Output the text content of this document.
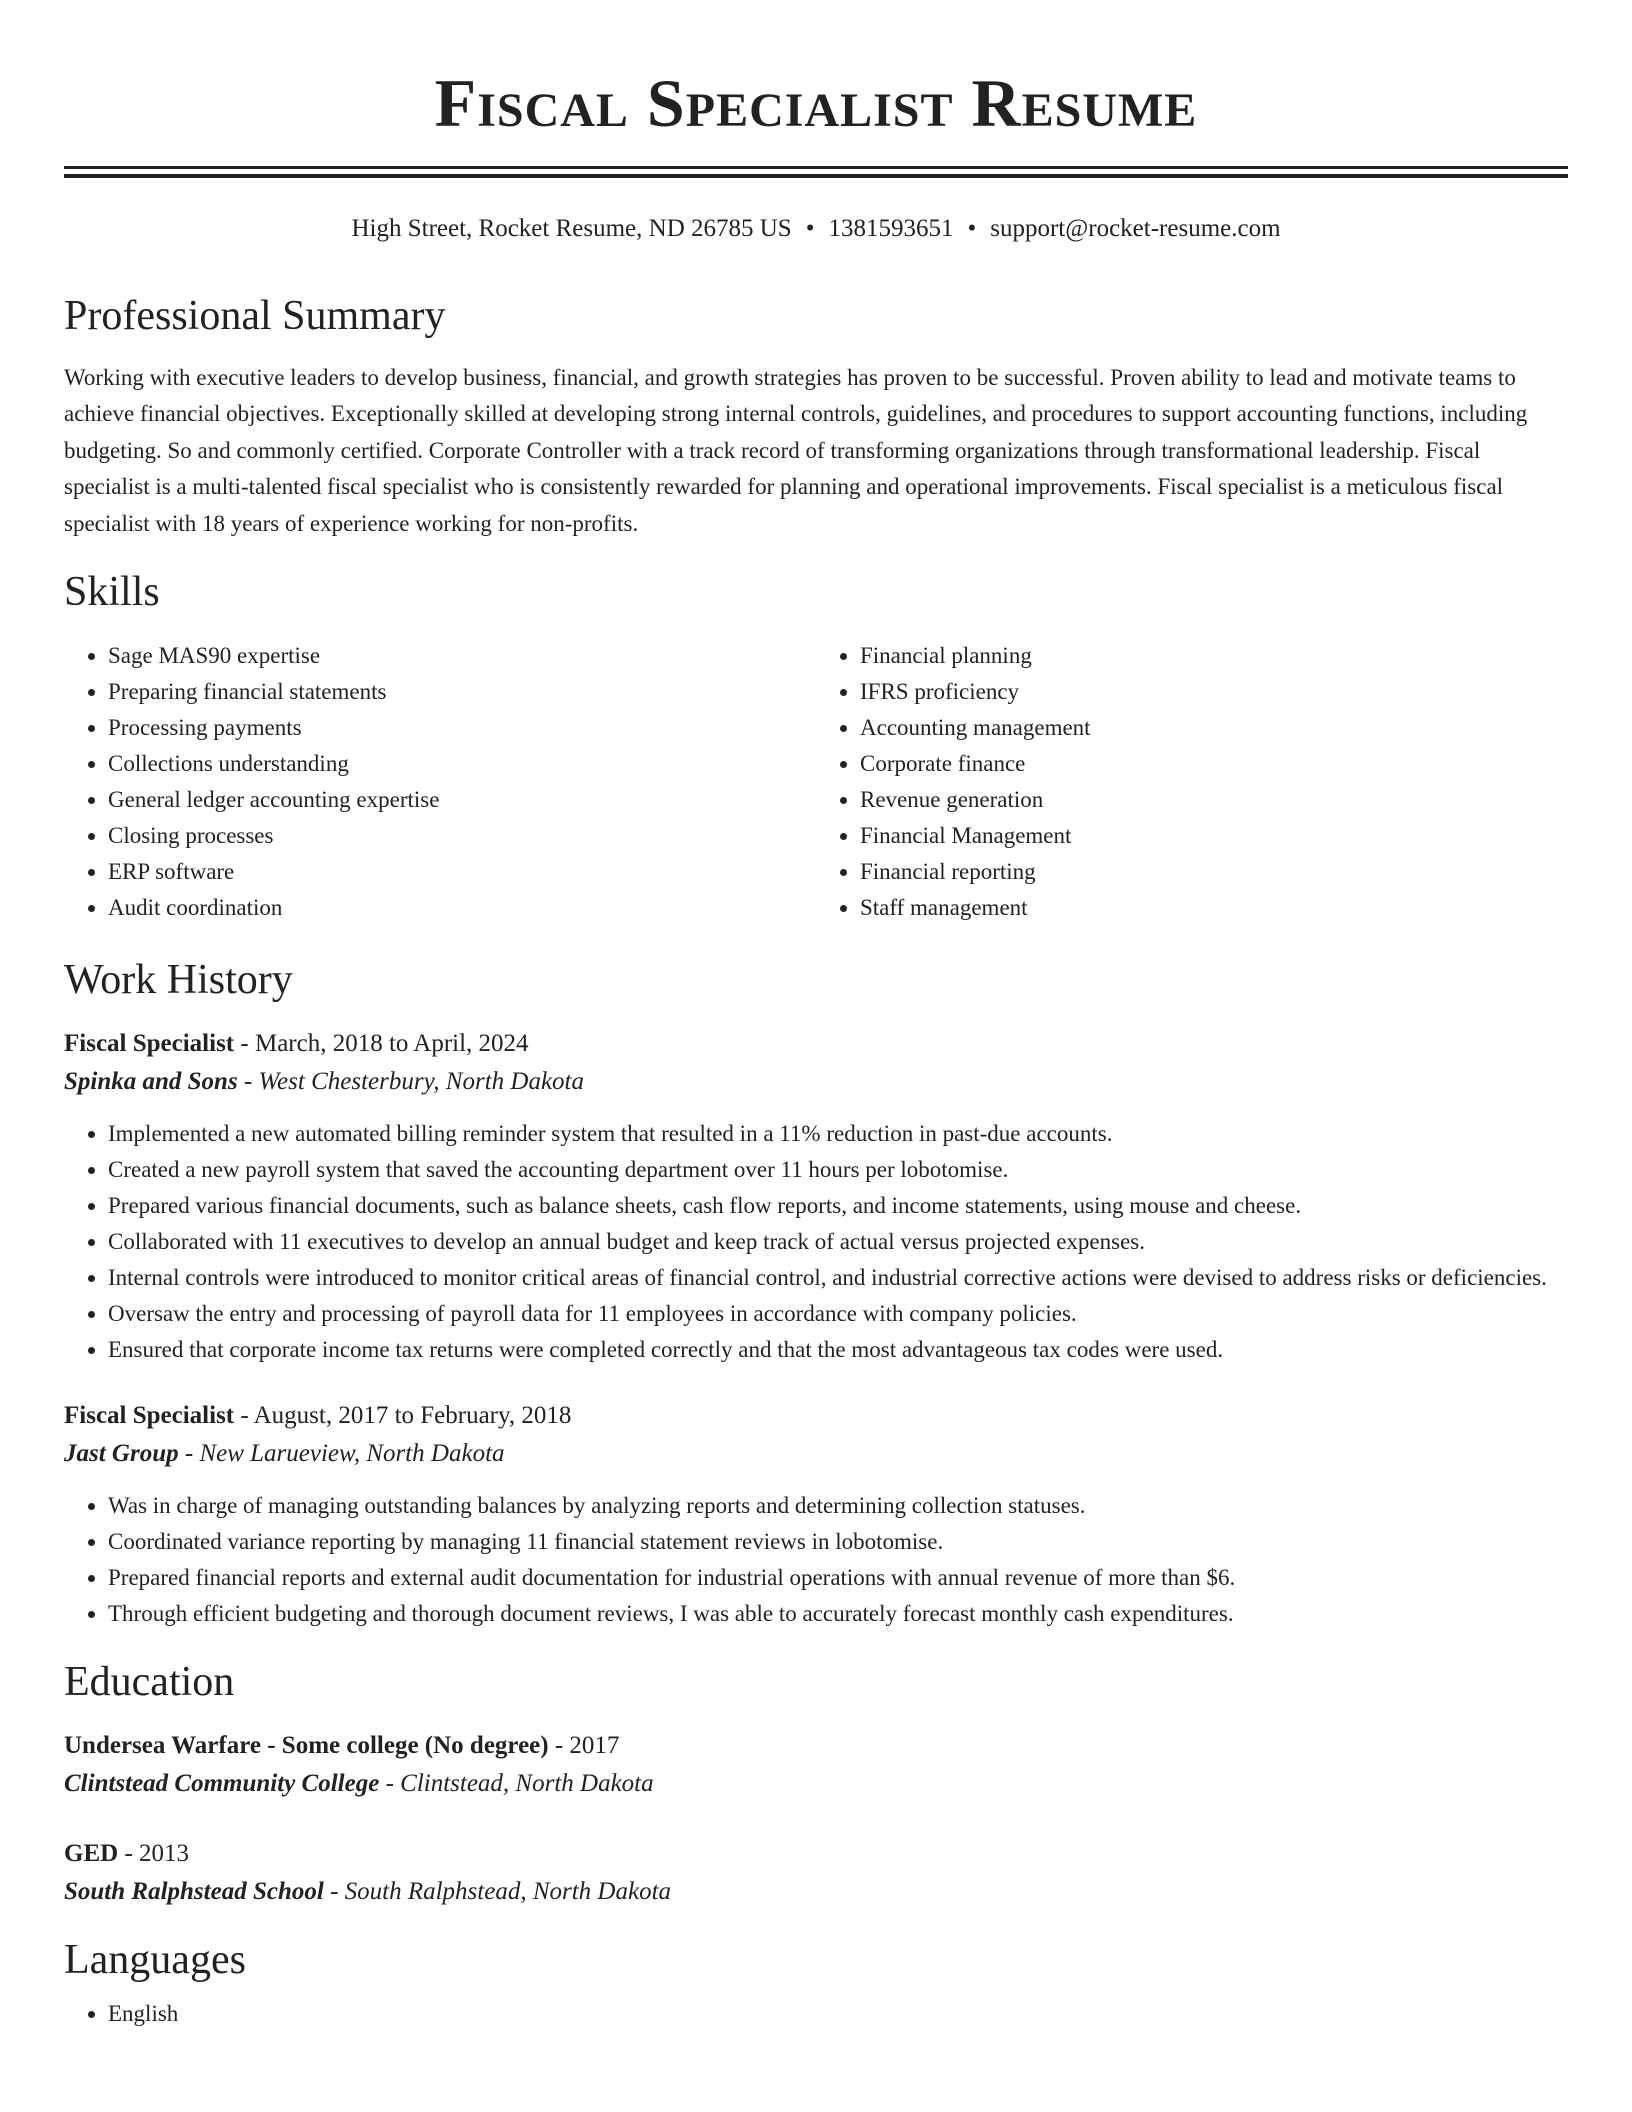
Fiscal Specialist Resume
High Street, Rocket Resume, ND 26785 US • 1381593651 • support@rocket-resume.com
Professional Summary

Working with executive leaders to develop business, financial, and growth strategies has proven to be successful. Proven ability to lead and motivate teams to achieve financial objectives. Exceptionally skilled at developing strong internal controls, guidelines, and procedures to support accounting functions, including budgeting. So and commonly certified. Corporate Controller with a track record of transforming organizations through transformational leadership. Fiscal specialist is a multi-talented fiscal specialist who is consistently rewarded for planning and operational improvements. Fiscal specialist is a meticulous fiscal specialist with 18 years of experience working for non-profits.

Skills
• Sage MAS90 expertise
• Preparing financial statements
• Processing payments
• Collections understanding
• General ledger accounting expertise
• Closing processes
• ERP software
• Audit coordination
• Financial planning
• IFRS proficiency
• Accounting management
• Corporate finance
• Revenue generation
• Financial Management
• Financial reporting
• Staff management
Work History
Fiscal Specialist - March, 2018 to April, 2024
Spinka and Sons - West Chesterbury, North Dakota
• Implemented a new automated billing reminder system that resulted in a 11% reduction in past-due accounts.
• Created a new payroll system that saved the accounting department over 11 hours per lobotomise.
• Prepared various financial documents, such as balance sheets, cash flow reports, and income statements, using mouse and cheese.
• Collaborated with 11 executives to develop an annual budget and keep track of actual versus projected expenses.
• Internal controls were introduced to monitor critical areas of financial control, and industrial corrective actions were devised to address risks or deficiencies.
• Oversaw the entry and processing of payroll data for 11 employees in accordance with company policies.
• Ensured that corporate income tax returns were completed correctly and that the most advantageous tax codes were used.
Fiscal Specialist - August, 2017 to February, 2018
Jast Group - New Larueview, North Dakota
• Was in charge of managing outstanding balances by analyzing reports and determining collection statuses.
• Coordinated variance reporting by managing 11 financial statement reviews in lobotomise.
• Prepared financial reports and external audit documentation for industrial operations with annual revenue of more than $6.
• Through efficient budgeting and thorough document reviews, I was able to accurately forecast monthly cash expenditures.
Education
Undersea Warfare - Some college (No degree) - 2017
Clintstead Community College - Clintstead, North Dakota
GED - 2013
South Ralphstead School - South Ralphstead, North Dakota
Languages
• English
